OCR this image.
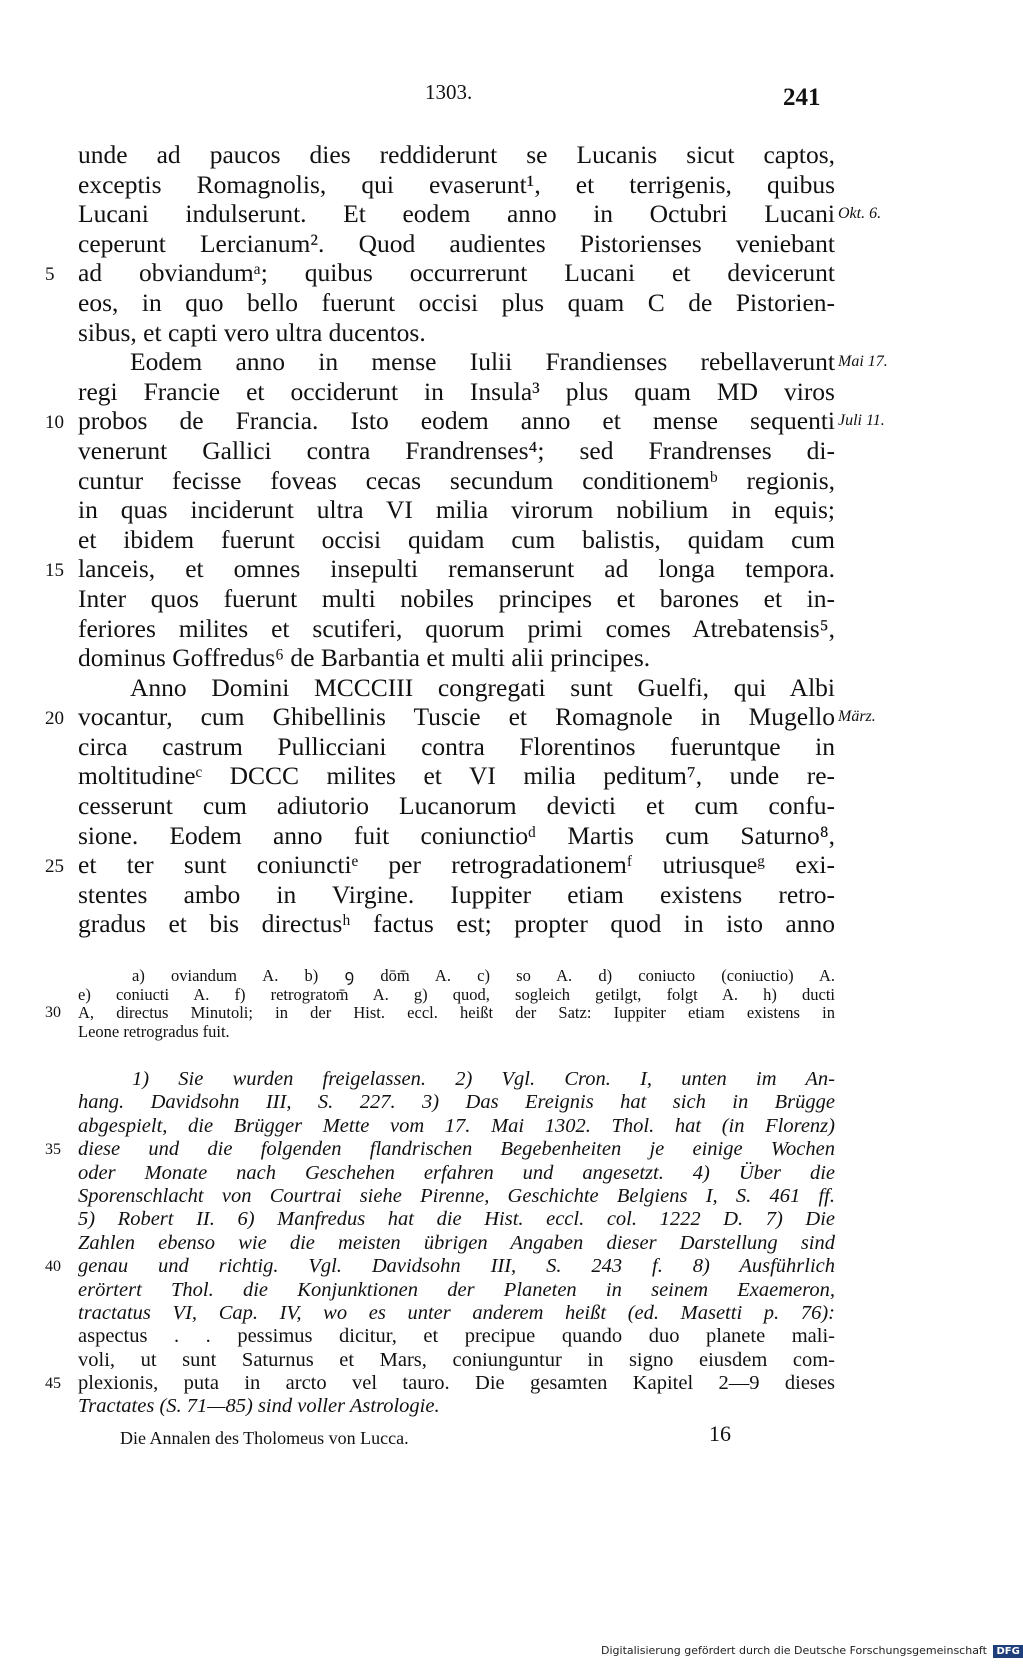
1303.	241
unde ad paucos dies reddiderunt se Lucanis sicut captos,
exceptis Romagnolis, qui evaserunt¹, et terrigenis, quibus
Lucani indulserunt. Et eodem anno in Octubri Lucani Okt. 6.
ceperunt Lercianum². Quod audientes Pistorienses veniebant
5 ad obviandumᵃ; quibus occurrerunt Lucani et devicerunt
eos, in quo bello fuerunt occisi plus quam C de Pistorien-
sibus, et capti vero ultra ducentos.
Eodem anno in mense Iulii Frandienses rebellaverunt Mai 17.
regi Francie et occiderunt in Insula³ plus quam MD viros
10 probos de Francia. Isto eodem anno et mense sequenti Juli 11.
venerunt Gallici contra Frandrenses⁴; sed Frandrenses di-
cuntur fecisse foveas cecas secundum conditionemᵇ regionis,
in quas inciderunt ultra VI milia virorum nobilium in equis;
et ibidem fuerunt occisi quidam cum balistis, quidam cum
15 lanceis, et omnes insepulti remanserunt ad longa tempora.
Inter quos fuerunt multi nobiles principes et barones et in-
feriores milites et scutiferi, quorum primi comes Atrebatensis⁵,
dominus Goffredus⁶ de Barbantia et multi alii principes.
Anno Domini MCCCIII congregati sunt Guelfi, qui Albi
20 vocantur, cum Ghibellinis Tuscie et Romagnole in Mugello März.
circa castrum Pullicciani contra Florentinos fueruntque in
moltitudineᶜ DCCC milites et VI milia peditum⁷, unde re-
cesserunt cum adiutorio Lucanorum devicti et cum confu-
sione. Eodem anno fuit coniunctioᵈ Martis cum Saturno⁸,
25 et ter sunt coniunctiᵉ per retrogradationemᶠ utriusqueᵍ exi-
stentes ambo in Virgine. Iuppiter etiam existens retro-
gradus et bis directusʰ factus est; propter quod in isto anno
a) oviandum A. b) ꝯ dōm̄ A. c) so A. d) coniucto (coniuctio) A.
e) coniucti A. f) retrogratom̄ A. g) quod, sogleich getilgt, folgt A. h) ducti
30 A, directus Minutoli; in der Hist. eccl. heißt der Satz: Iuppiter etiam existens in
Leone retrogradus fuit.
1) Sie wurden freigelassen. 2) Vgl. Cron. I, unten im An-
hang. Davidsohn III, S. 227. 3) Das Ereignis hat sich in Brügge
abgespielt, die Brügger Mette vom 17. Mai 1302. Thol. hat (in Florenz)
35 diese und die folgenden flandrischen Begebenheiten je einige Wochen
oder Monate nach Geschehen erfahren und angesetzt. 4) Über die
Sporenschlacht von Courtrai siehe Pirenne, Geschichte Belgiens I, S. 461 ff.
5) Robert II. 6) Manfredus hat die Hist. eccl. col. 1222 D. 7) Die
Zahlen ebenso wie die meisten übrigen Angaben dieser Darstellung sind
40 genau und richtig. Vgl. Davidsohn III, S. 243 f. 8) Ausführlich
erörtert Thol. die Konjunktionen der Planeten in seinem Exaemeron,
tractatus VI, Cap. IV, wo es unter anderem heißt (ed. Masetti p. 76):
aspectus . . pessimus dicitur, et precipue quando duo planete mali-
voli, ut sunt Saturnus et Mars, coniunguntur in signo eiusdem com-
45 plexionis, puta in arcto vel tauro. Die gesamten Kapitel 2—9 dieses
Tractates (S. 71—85) sind voller Astrologie.
Die Annalen des Tholomeus von Lucca.	16
Digitalisierung gefördert durch die Deutsche Forschungsgemeinschaft DFG
